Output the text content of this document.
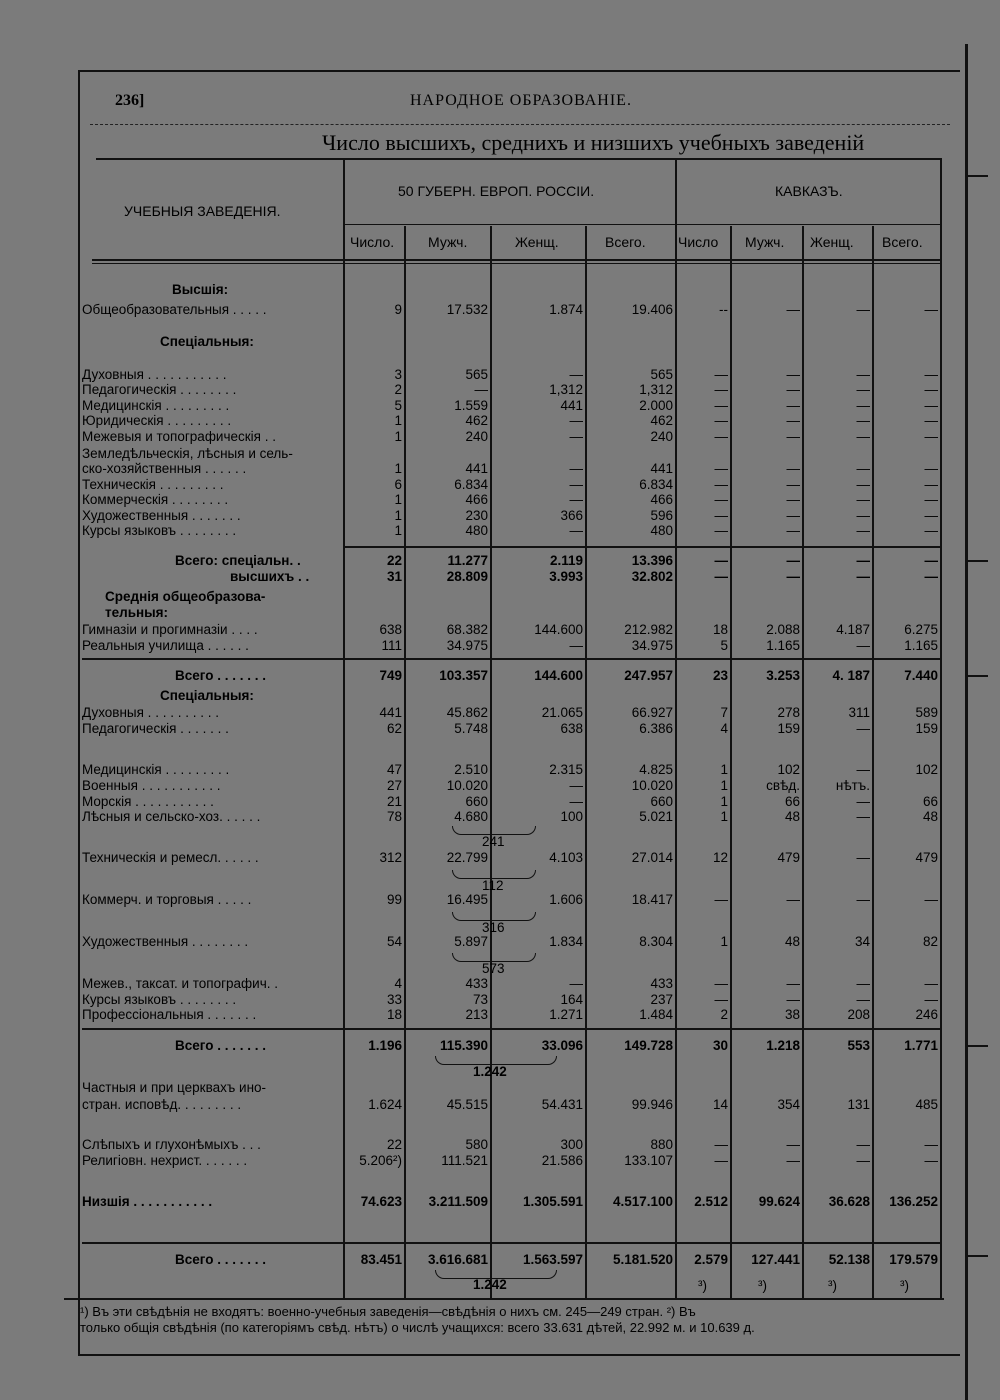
236]	НАРОДНОЕ ОБРАЗОВАНІЕ.
Число высшихъ, среднихъ и низшихъ учебныхъ заведеній
УЧЕБНЫЯ ЗАВЕДЕНІЯ.
50 ГУБЕРН. ЕВРОП. РОССІИ.	КАВКАЗЪ.
Число. Мужч.	Женщ.	Всего. Число Мужч. Женщ. Всего.
Высшія:
Общеобразовательныя . . . . .	9	17.532	1.874	19.406	--	—	—	—
Спеціальныя:
Духовныя . . . . . . . . . . .	3	565	—	565	—	—	—	—
Педагогическія . . . . . . . .	2	—	1,312	1,312	—	—	—	—
Медицинскія . . . . . . . . .	5	1.559	441	2.000	—	—	—	—
Юридическія . . . . . . . . .	1	462	—	462	—	—	—	—
Межевыя и топографическія . .	1	240	—	240	—	—	—	—
Земледѣльческія, лѣсныя и сель-
ско-хозяйственныя . . . . . .	1	441	—	441	—	—	—	—
Техническія . . . . . . . . .	6	6.834	—	6.834	—	—	—	—
Коммерческія . . . . . . . .	1	466	—	466	—	—	—	—
Художественныя . . . . . . .	1	230	366	596	—	—	—	—
Курсы языковъ . . . . . . . .	1	480	—	480	—	—	—	—
Всего: спеціальн. .	22	11.277	2.119	13.396	—	—	—	—
высшихъ . .	31	28.809	3.993	32.802	—	—	—	—
Среднія общеобразова-
тельныя:
Гимназіи и прогимназіи . . . .	638	68.382	144.600	212.982	18	2.088	4.187	6.275
Реальныя училища . . . . . .	111	34.975	—	34.975	5	1.165	—	1.165
Всего . . . . . . .	749	103.357	144.600	247.957	23	3.253 4. 187	7.440
Спеціальныя:
Духовныя . . . . . . . . . .	441	45.862	21.065	66.927	7	278	311	589
Педагогическія . . . . . . .	62	5.748	638	6.386	4	159	—	159
Медицинскія . . . . . . . . .	47	2.510	2.315	4.825	1	102	—	102
Военныя . . . . . . . . . . .	27	10.020	—	10.020	1	свѣд.	нѣтъ.
Морскія . . . . . . . . . . .	21	660	—	660	1	66	—	66
Лѣсныя и сельско-хоз. . . . . .	78	4.680	100	5.021	1	48	—	48
Техническія и ремесл. . . . . .	312	22.799	4.103	27.014	12	479	—	479
Коммерч. и торговыя . . . . .	99	16.495	1.606	18.417	—	—	—	—
Художественныя . . . . . . . .	54	5.897	1.834	8.304	1	48	34	82
Межев., таксат. и топографич. .	4	433	—	433	—	—	—	—
Курсы языковъ . . . . . . . .	33	73	164	237	—	—	—	—
Профессіональныя . . . . . . .	18	213	1.271	1.484	2	38	208	246
Всего . . . . . . .	1.196	115.390	33.096	149.728	30	1.218	553	1.771
Частныя и при церквахъ ино-
стран. исповѣд. . . . . . . . .	1.624	45.515	54.431	99.946	14	354	131	485
Слѣпыхъ и глухонѣмыхъ . . .	22	580	300	880	—	—	—	—
Религіовн. нехрист. . . . . . .	5.206²)	111.521	21.586	133.107	—	—	—	—
Низшія . . . . . . . . . . .	74.623 3.211.509	1.305.591 4.517.100 2.512 99.624 36.628 136.252
Всего . . . . . . .	83.451 3.616.681	1.563.597 5.181.520 2.579 127.441 52.138 179.579
241
112
316
573
1.242
1.242	³)	³)	³)	³)
¹) Въ эти свѣдѣнія не входятъ: военно-учебныя заведенія—свѣдѣнія о нихъ см. 245—249 стран. ²) Въ
только общія свѣдѣнія (по категоріямъ свѣд. нѣтъ) о числѣ учащихся: всего 33.631 дѣтей, 22.992 м. и 10.639 д.
